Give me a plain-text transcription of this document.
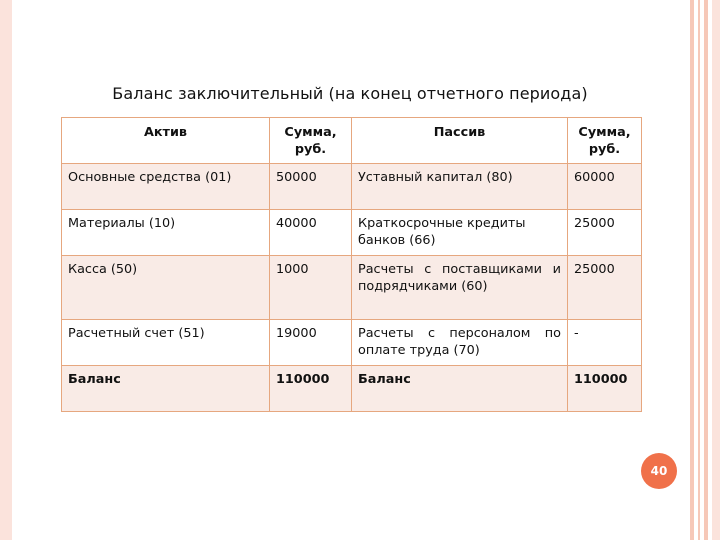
Баланс заключительный (на конец отчетного периода)
Актив	Сумма, руб.	Пассив	Сумма, руб.
Основные средства (01)	50000	Уставный капитал (80)	60000
Материалы (10)	40000	Краткосрочные кредиты банков (66)	25000
Касса (50)	1000	Расчеты с поставщиками и подрядчиками (60)	25000
Расчетный счет (51)	19000	Расчеты с персоналом по оплате труда (70)	-
Баланс	110000	Баланс	110000
40
